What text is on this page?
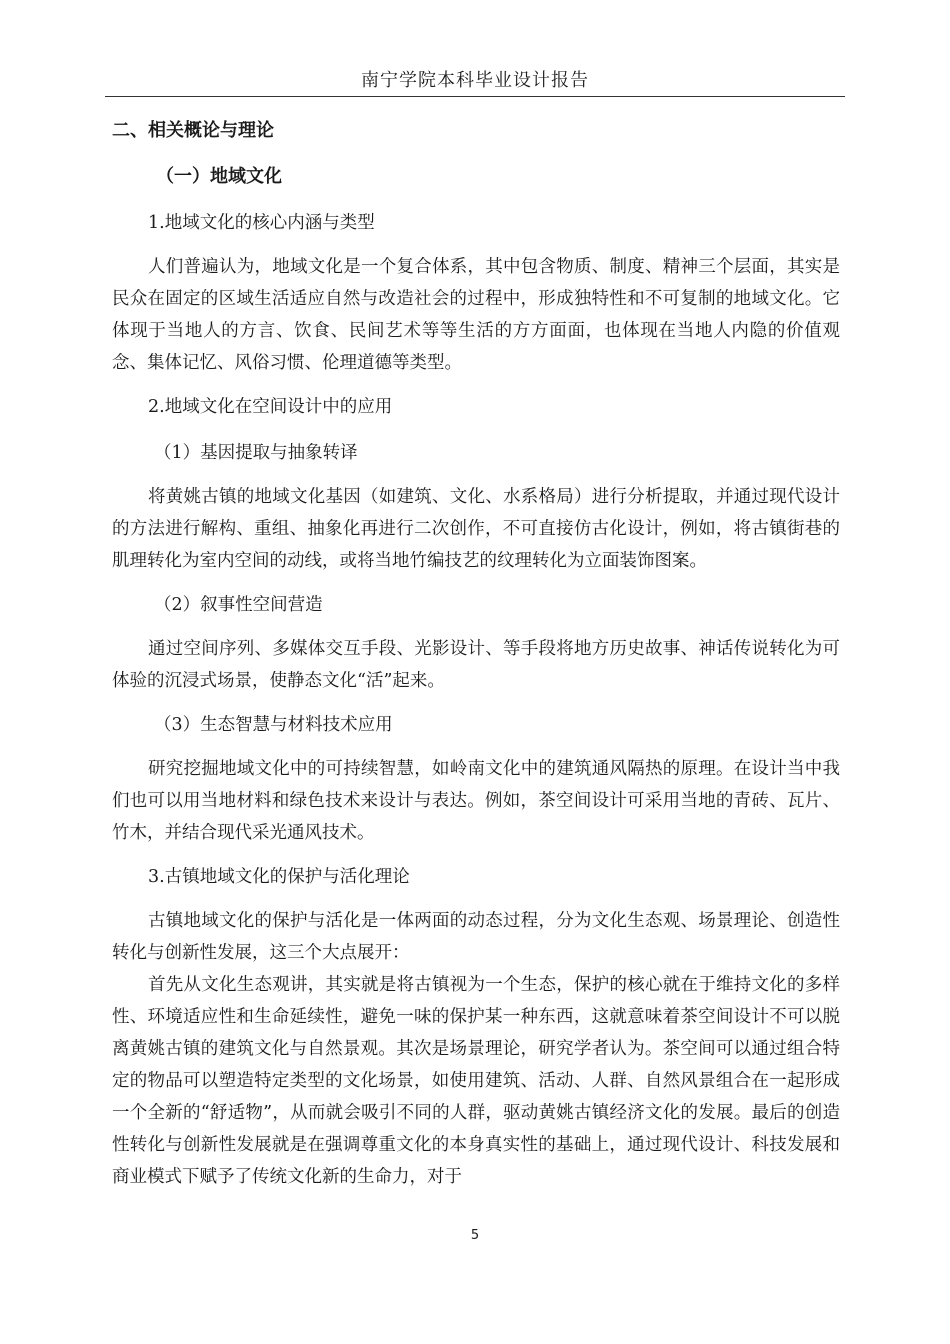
南宁学院本科毕业设计报告
二、相关概论与理论
（一）地域文化
1.地域文化的核心内涵与类型
人们普遍认为，地域文化是一个复合体系，其中包含物质、制度、精神三个层面，其实是民众在固定的区域生活适应自然与改造社会的过程中，形成独特性和不可复制的地域文化。它体现于当地人的方言、饮食、民间艺术等等生活的方方面面，也体现在当地人内隐的价值观念、集体记忆、风俗习惯、伦理道德等类型。
2.地域文化在空间设计中的应用
（1）基因提取与抽象转译
将黄姚古镇的地域文化基因（如建筑、文化、水系格局）进行分析提取，并通过现代设计的方法进行解构、重组、抽象化再进行二次创作，不可直接仿古化设计，例如，将古镇街巷的肌理转化为室内空间的动线，或将当地竹编技艺的纹理转化为立面装饰图案。
（2）叙事性空间营造
通过空间序列、多媒体交互手段、光影设计、等手段将地方历史故事、神话传说转化为可体验的沉浸式场景，使静态文化“活”起来。
（3）生态智慧与材料技术应用
研究挖掘地域文化中的可持续智慧，如岭南文化中的建筑通风隔热的原理。在设计当中我们也可以用当地材料和绿色技术来设计与表达。例如，茶空间设计可采用当地的青砖、瓦片、竹木，并结合现代采光通风技术。
3.古镇地域文化的保护与活化理论
古镇地域文化的保护与活化是一体两面的动态过程，分为文化生态观、场景理论、创造性转化与创新性发展，这三个大点展开：
首先从文化生态观讲，其实就是将古镇视为一个生态，保护的核心就在于维持文化的多样性、环境适应性和生命延续性，避免一味的保护某一种东西，这就意味着茶空间设计不可以脱离黄姚古镇的建筑文化与自然景观。其次是场景理论，研究学者认为。茶空间可以通过组合特定的物品可以塑造特定类型的文化场景，如使用建筑、活动、人群、自然风景组合在一起形成一个全新的“舒适物”，从而就会吸引不同的人群，驱动黄姚古镇经济文化的发展。最后的创造性转化与创新性发展就是在强调尊重文化的本身真实性的基础上，通过现代设计、科技发展和商业模式下赋予了传统文化新的生命力，对于
5
